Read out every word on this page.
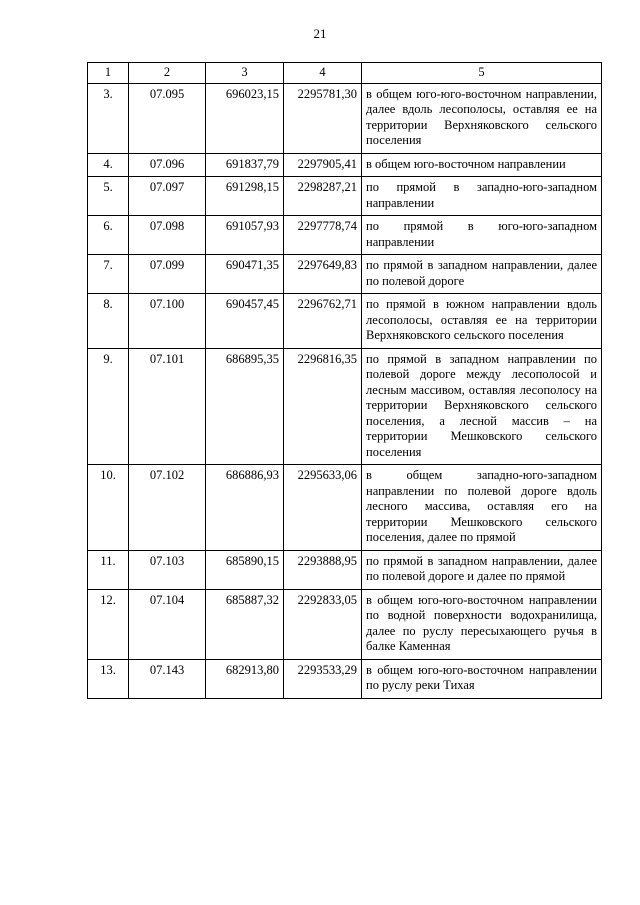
21
1	2	3	4	5
3.	07.095	696023,15	2295781,30	в общем юго-юго-восточном направлении, далее вдоль лесополосы, оставляя ее на территории Верхняковского сельского поселения
4.	07.096	691837,79	2297905,41	в общем юго-восточном направлении
5.	07.097	691298,15	2298287,21	по прямой в западно-юго-западном направлении
6.	07.098	691057,93	2297778,74	по прямой в юго-юго-западном направлении
7.	07.099	690471,35	2297649,83	по прямой в западном направлении, далее по полевой дороге
8.	07.100	690457,45	2296762,71	по прямой в южном направлении вдоль лесополосы, оставляя ее на территории Верхняковского сельского поселения
9.	07.101	686895,35	2296816,35	по прямой в западном направлении по полевой дороге между лесополосой и лесным массивом, оставляя лесополосу на территории Верхняковского сельского поселения, а лесной массив – на территории Мешковского сельского поселения
10.	07.102	686886,93	2295633,06	в общем западно-юго-западном направлении по полевой дороге вдоль лесного массива, оставляя его на территории Мешковского сельского поселения, далее по прямой
11.	07.103	685890,15	2293888,95	по прямой в западном направлении, далее по полевой дороге и далее по прямой
12.	07.104	685887,32	2292833,05	в общем юго-юго-восточном направлении по водной поверхности водохранилища, далее по руслу пересыхающего ручья в балке Каменная
13.	07.143	682913,80	2293533,29	в общем юго-юго-восточном направлении по руслу реки Тихая
